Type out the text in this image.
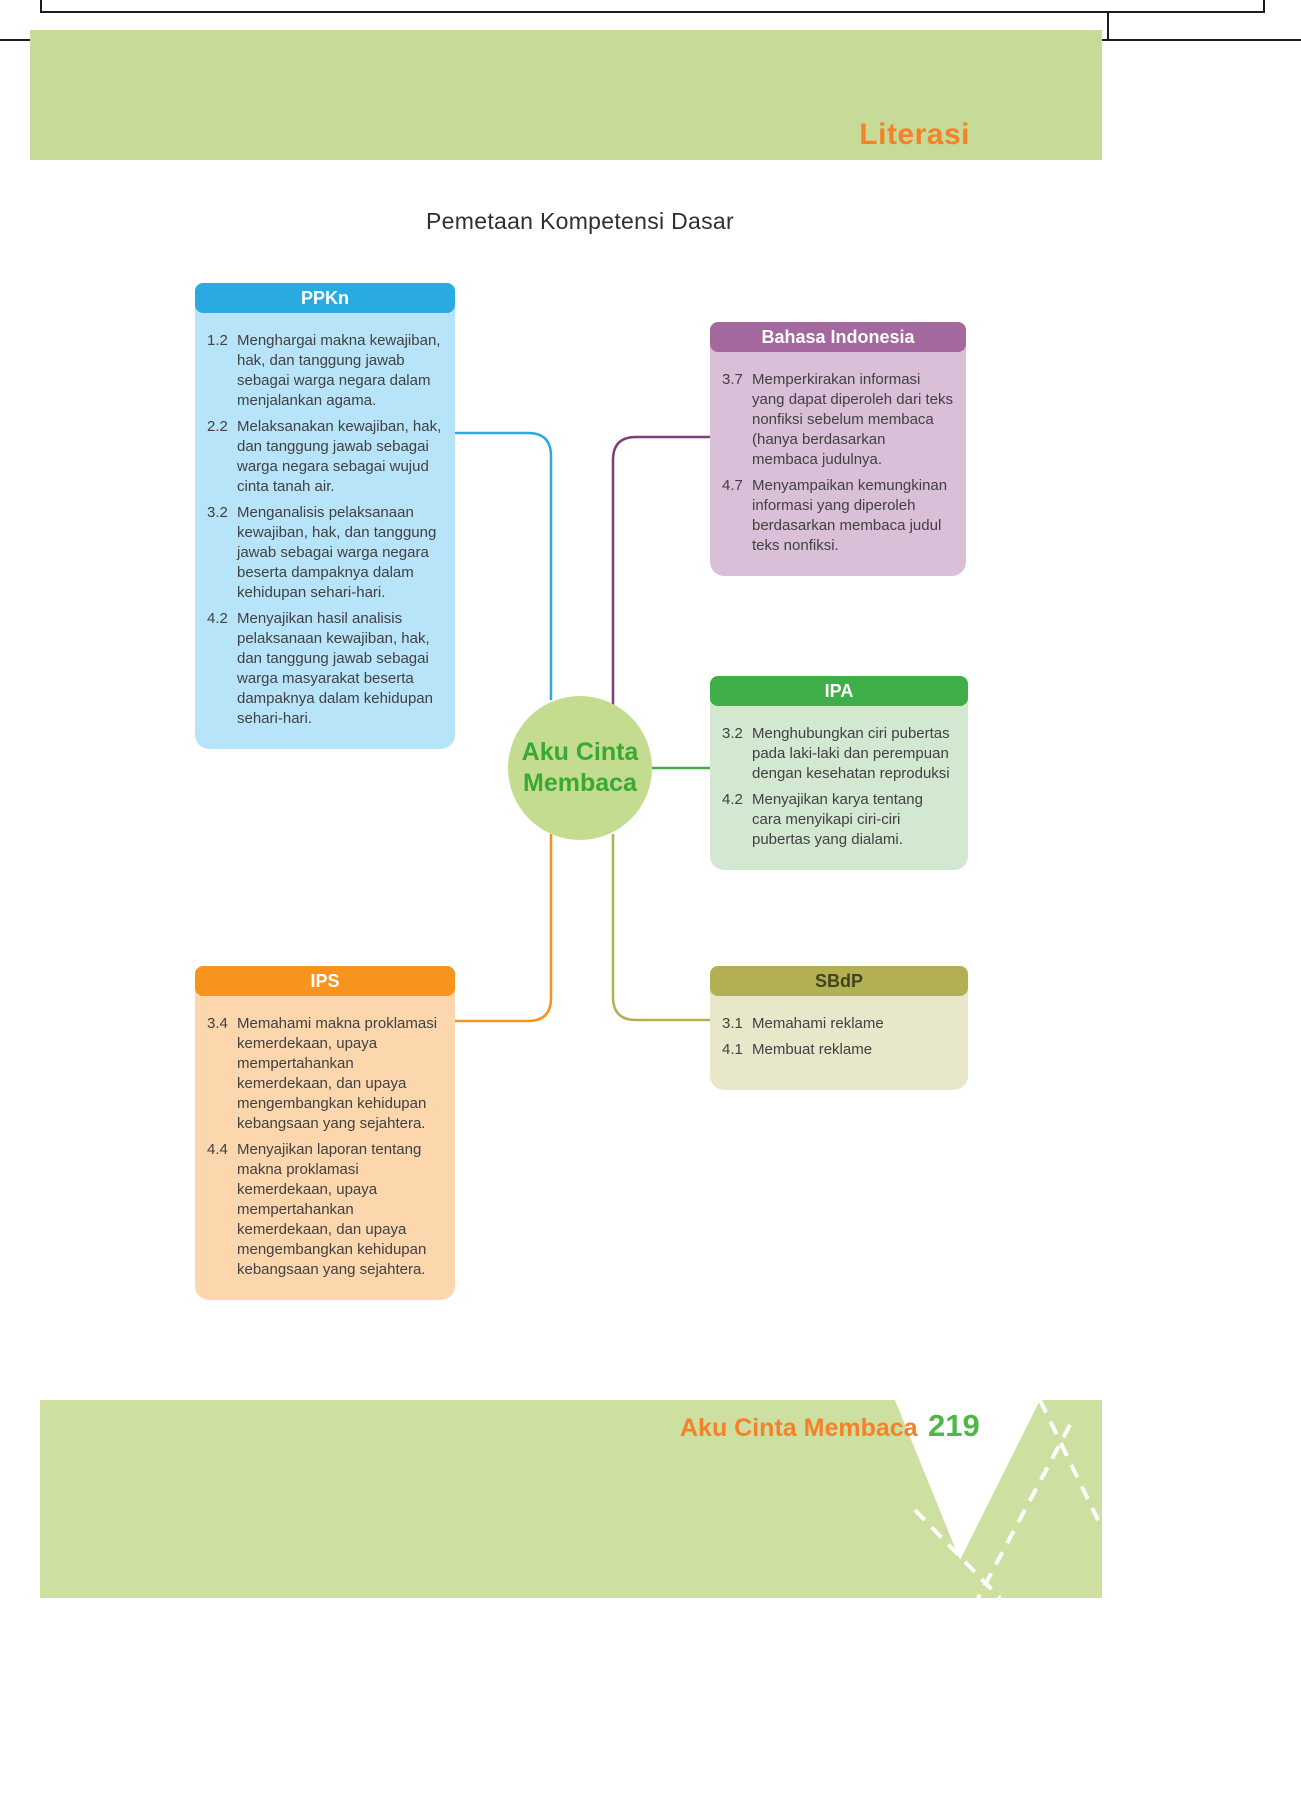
Literasi
Pemetaan Kompetensi Dasar
PPKn
1.2 Menghargai makna kewajiban, hak, dan tanggung jawab sebagai warga negara dalam menjalankan agama.
2.2 Melaksanakan kewajiban, hak, dan tanggung jawab sebagai warga negara sebagai wujud cinta tanah air.
3.2 Menganalisis pelaksanaan kewajiban, hak, dan tanggung jawab sebagai warga negara beserta dampaknya dalam kehidupan sehari-hari.
4.2 Menyajikan hasil analisis pelaksanaan kewajiban, hak, dan tanggung jawab sebagai warga masyarakat beserta dampaknya dalam kehidupan sehari-hari.
Bahasa Indonesia
3.7 Memperkirakan informasi yang dapat diperoleh dari teks nonfiksi sebelum membaca (hanya berdasarkan membaca judulnya.
4.7 Menyampaikan kemungkinan informasi yang diperoleh berdasarkan membaca judul teks nonfiksi.
IPA
3.2 Menghubungkan ciri pubertas pada laki-laki dan perempuan dengan kesehatan reproduksi
4.2 Menyajikan karya tentang cara menyikapi ciri-ciri pubertas yang dialami.
Aku Cinta
Membaca
IPS
3.4 Memahami makna proklamasi kemerdekaan, upaya mempertahankan kemerdekaan, dan upaya mengembangkan kehidupan kebangsaan yang sejahtera.
4.4 Menyajikan laporan tentang makna proklamasi kemerdekaan, upaya mempertahankan kemerdekaan, dan upaya mengembangkan kehidupan kebangsaan yang sejahtera.
SBdP
3.1 Memahami reklame
4.1 Membuat reklame
Aku Cinta Membaca 219
